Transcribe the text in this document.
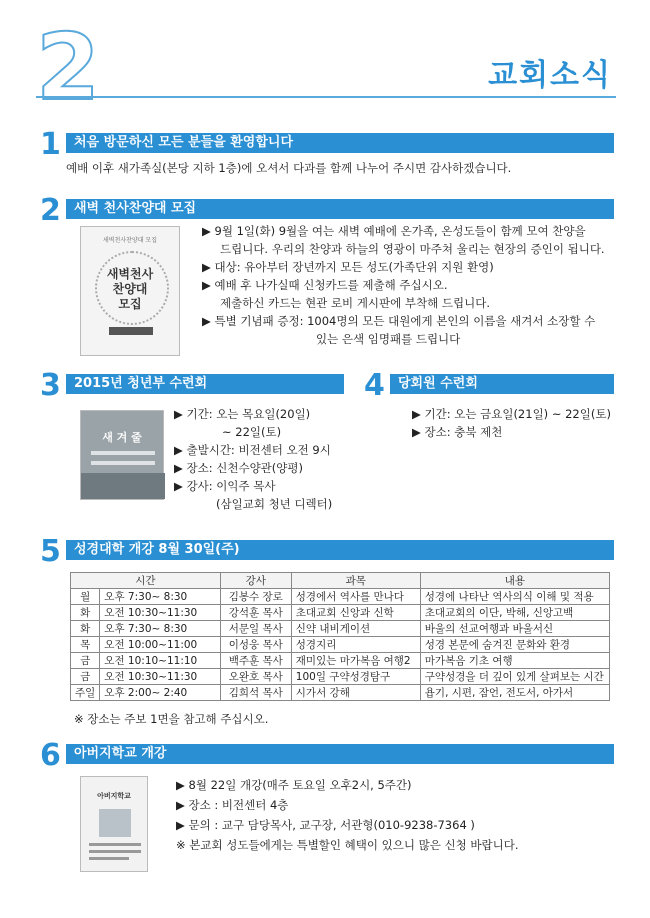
2	교회소식
1	처음 방문하신 모든 분들을 환영합니다
예배 이후 새가족실(본당 지하 1층)에 오셔서 다과를 함께 나누어 주시면 감사하겠습니다.
2	새벽 천사찬양대 모집
새벽천사찬양대 모집
새벽천사
찬양대
모집
▶ 9월 1일(화) 9월을 여는 새벽 예배에 온가족, 온성도들이 함께 모여 찬양을
드립니다. 우리의 찬양과 하늘의 영광이 마주쳐 울리는 현장의 증인이 됩니다.
▶ 대상: 유아부터 장년까지 모든 성도(가족단위 지원 환영)
▶ 예배 후 나가실때 신청카드를 제출해 주십시오.
제출하신 카드는 현관 로비 게시판에 부착해 드립니다.
▶ 특별 기념패 증정: 1004명의 모든 대원에게 본인의 이름을 새겨서 소장할 수
있는 은색 임명패를 드립니다
3	2015년 청년부 수련회
새 겨 줄
▶ 기간: 오는 목요일(20일)
~ 22일(토)
▶ 출발시간: 비전센터 오전 9시
▶ 장소: 신천수양관(양평)
▶ 강사: 이익주 목사
(삼일교회 청년 디렉터)
4	당회원 수련회
▶ 기간: 오는 금요일(21일) ~ 22일(토)
▶ 장소: 충북 제천
5	성경대학 개강 8월 30일(주)
시간		강사	과목	내용
월	오후 7:30~ 8:30	김봉수 장로	성경에서 역사를 만나다	성경에 나타난 역사의식 이해 및 적용
화	오전 10:30~11:30	강석훈 목사	초대교회 신앙과 신학	초대교회의 이단, 박해, 신앙고백
화	오후 7:30~ 8:30	서문일 목사	신약 내비게이션	바울의 선교여행과 바울서신
목	오전 10:00~11:00	이성웅 목사	성경지리	성경 본문에 숨겨진 문화와 환경
금	오전 10:10~11:10	백주훈 목사	재미있는 마가복음 여행2	마가복음 기초 여행
금	오전 10:30~11:30	오완호 목사	100일 구약성경탐구	구약성경을 더 깊이 있게 살펴보는 시간
주일	오후 2:00~ 2:40	김희석 목사	시가서 강해	욥기, 시편, 잠언, 전도서, 아가서
※ 장소는 주보 1면을 참고해 주십시오.
6	아버지학교 개강
아버지학교
▶ 8월 22일 개강(매주 토요일 오후2시, 5주간)
▶ 장소 : 비전센터 4층
▶ 문의 : 교구 담당목사, 교구장, 서관형(010-9238-7364 )
※ 본교회 성도들에게는 특별할인 혜택이 있으니 많은 신청 바랍니다.
